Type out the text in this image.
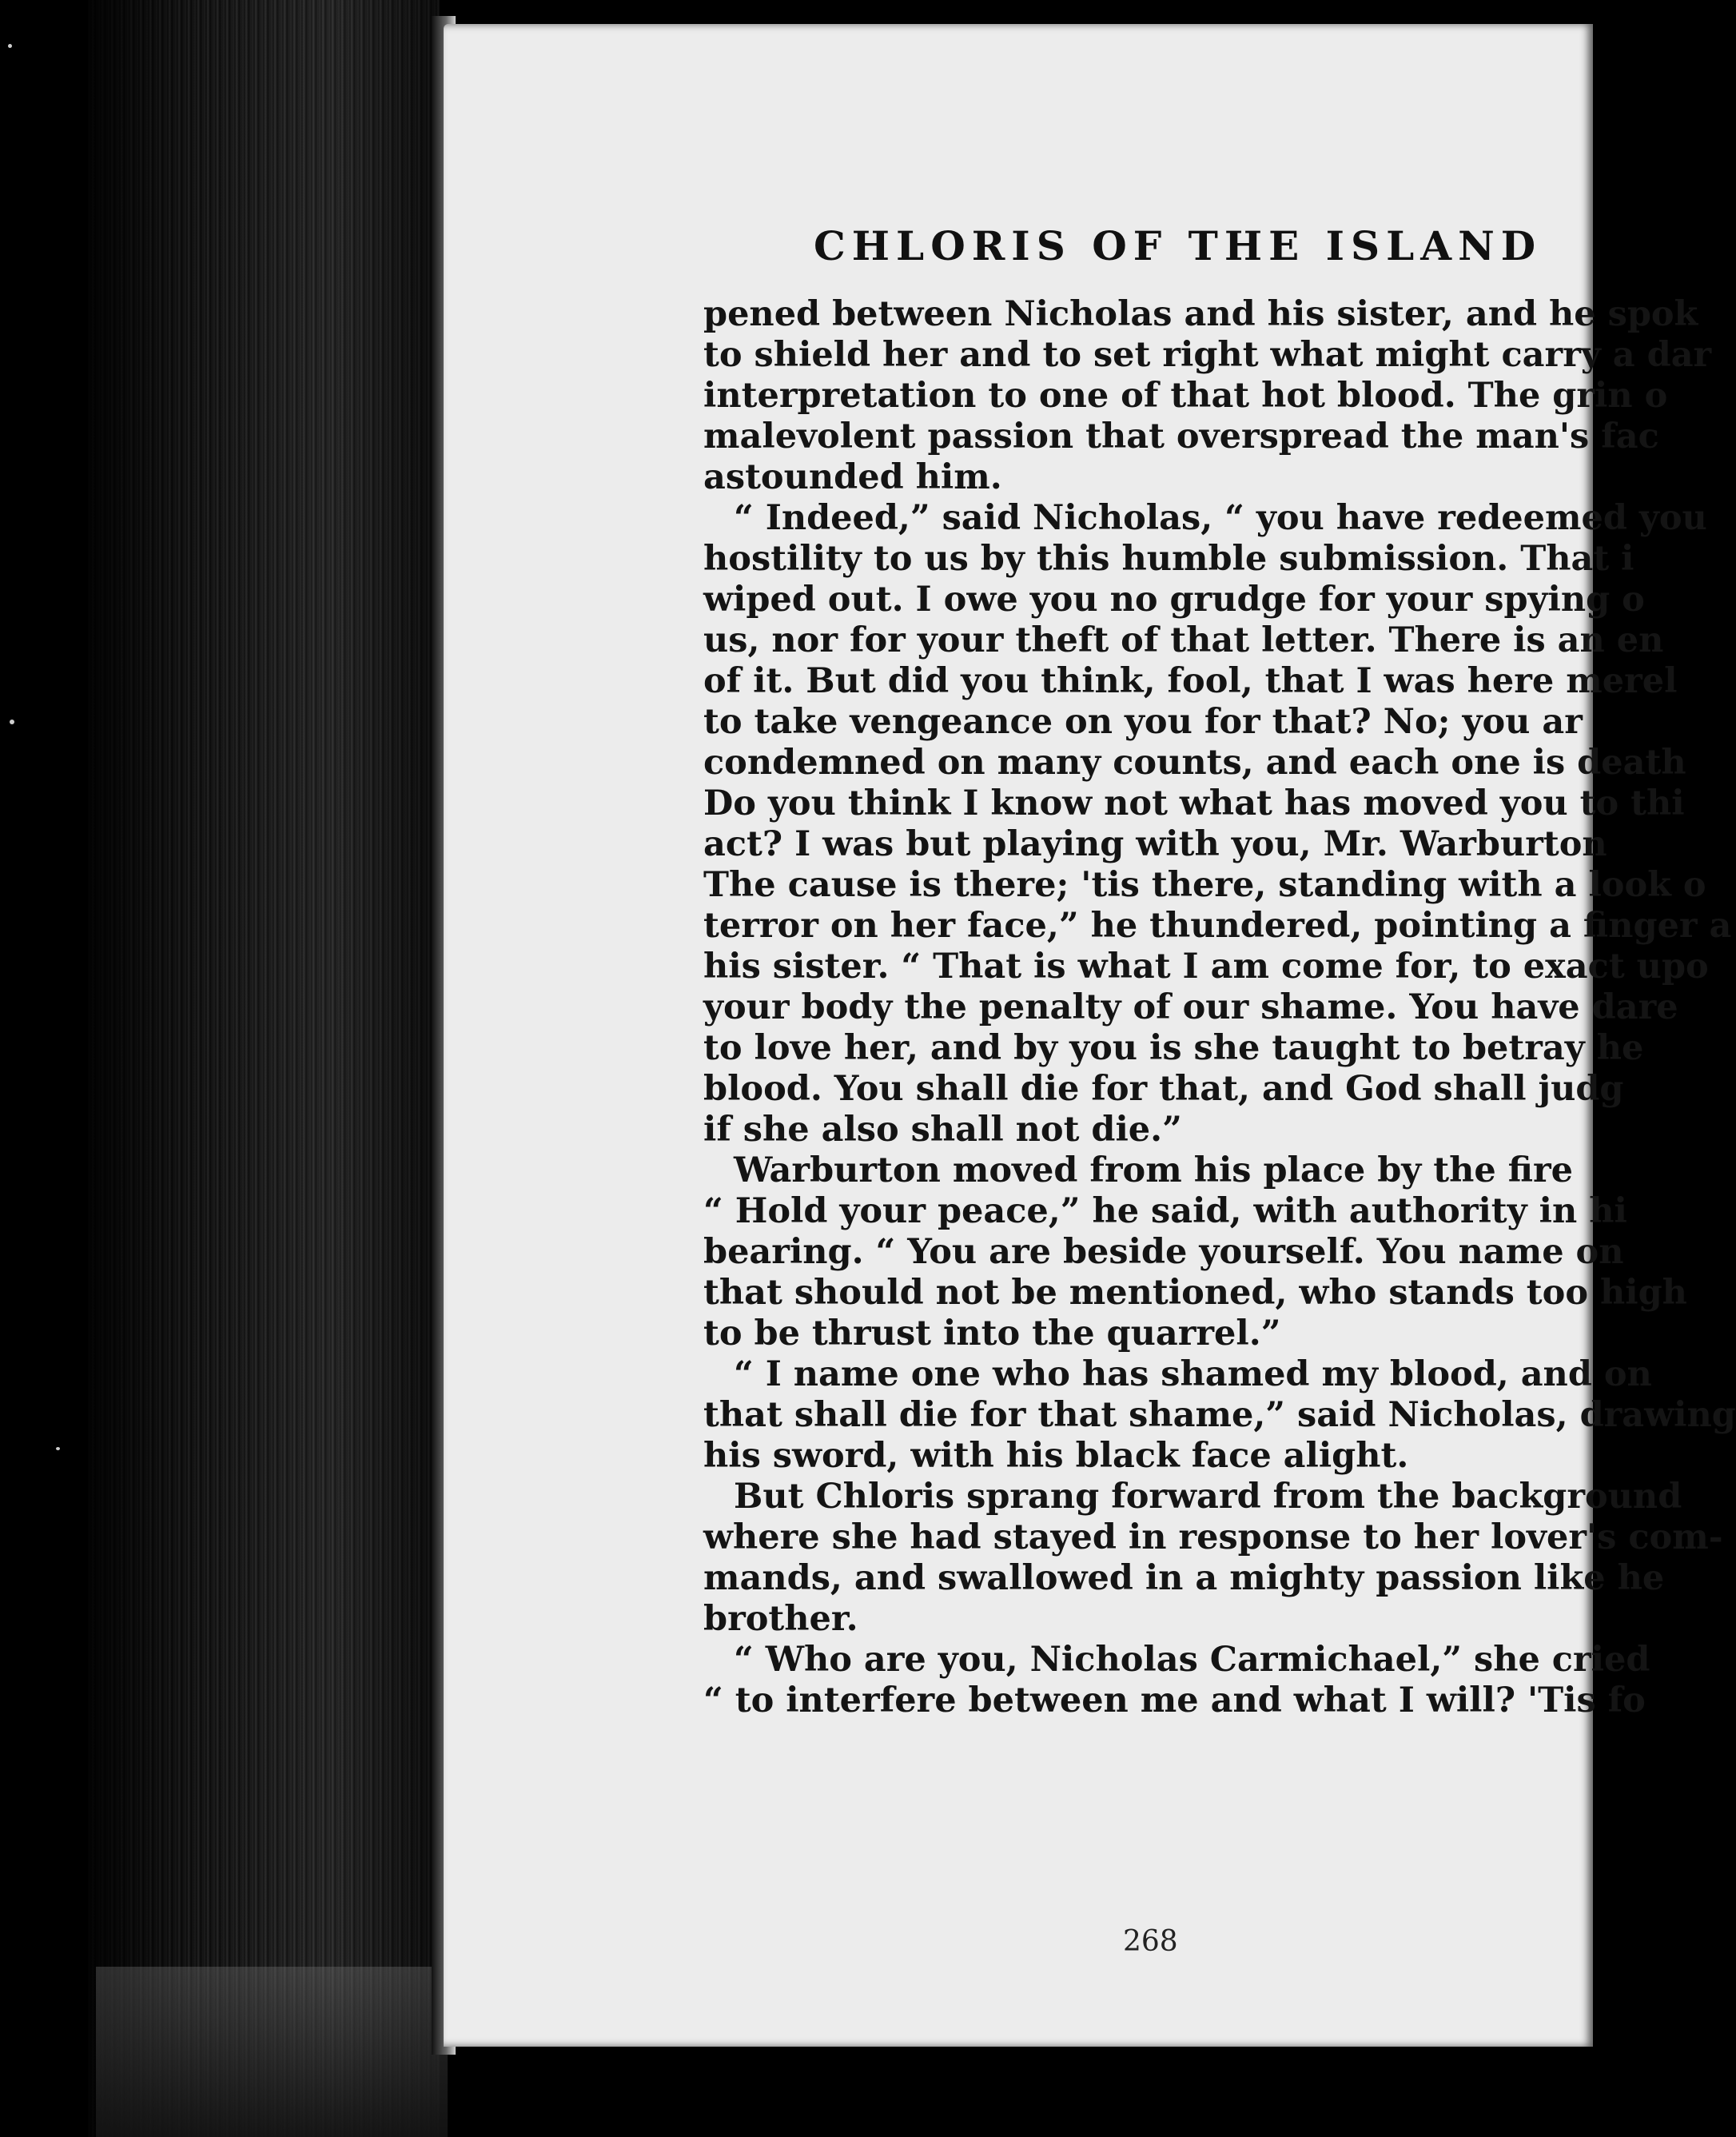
CHLORIS OF THE ISLAND
pened between Nicholas and his sister, and he spok
to shield her and to set right what might carry a dar
interpretation to one of that hot blood. The grin o
malevolent passion that overspread the man's fac
astounded him.
“ Indeed,” said Nicholas, “ you have redeemed you
hostility to us by this humble submission. That i
wiped out. I owe you no grudge for your spying o
us, nor for your theft of that letter. There is an en
of it. But did you think, fool, that I was here merel
to take vengeance on you for that? No; you ar
condemned on many counts, and each one is death
Do you think I know not what has moved you to thi
act? I was but playing with you, Mr. Warburton
The cause is there; 'tis there, standing with a look o
terror on her face,” he thundered, pointing a finger a
his sister. “ That is what I am come for, to exact upo
your body the penalty of our shame. You have dare
to love her, and by you is she taught to betray he
blood. You shall die for that, and God shall judg
if she also shall not die.”
Warburton moved from his place by the fire
“ Hold your peace,” he said, with authority in hi
bearing. “ You are beside yourself. You name on
that should not be mentioned, who stands too high
to be thrust into the quarrel.”
“ I name one who has shamed my blood, and on
that shall die for that shame,” said Nicholas, drawing
his sword, with his black face alight.
But Chloris sprang forward from the background
where she had stayed in response to her lover's com-
mands, and swallowed in a mighty passion like he
brother.
“ Who are you, Nicholas Carmichael,” she cried
“ to interfere between me and what I will? 'Tis fo
268
